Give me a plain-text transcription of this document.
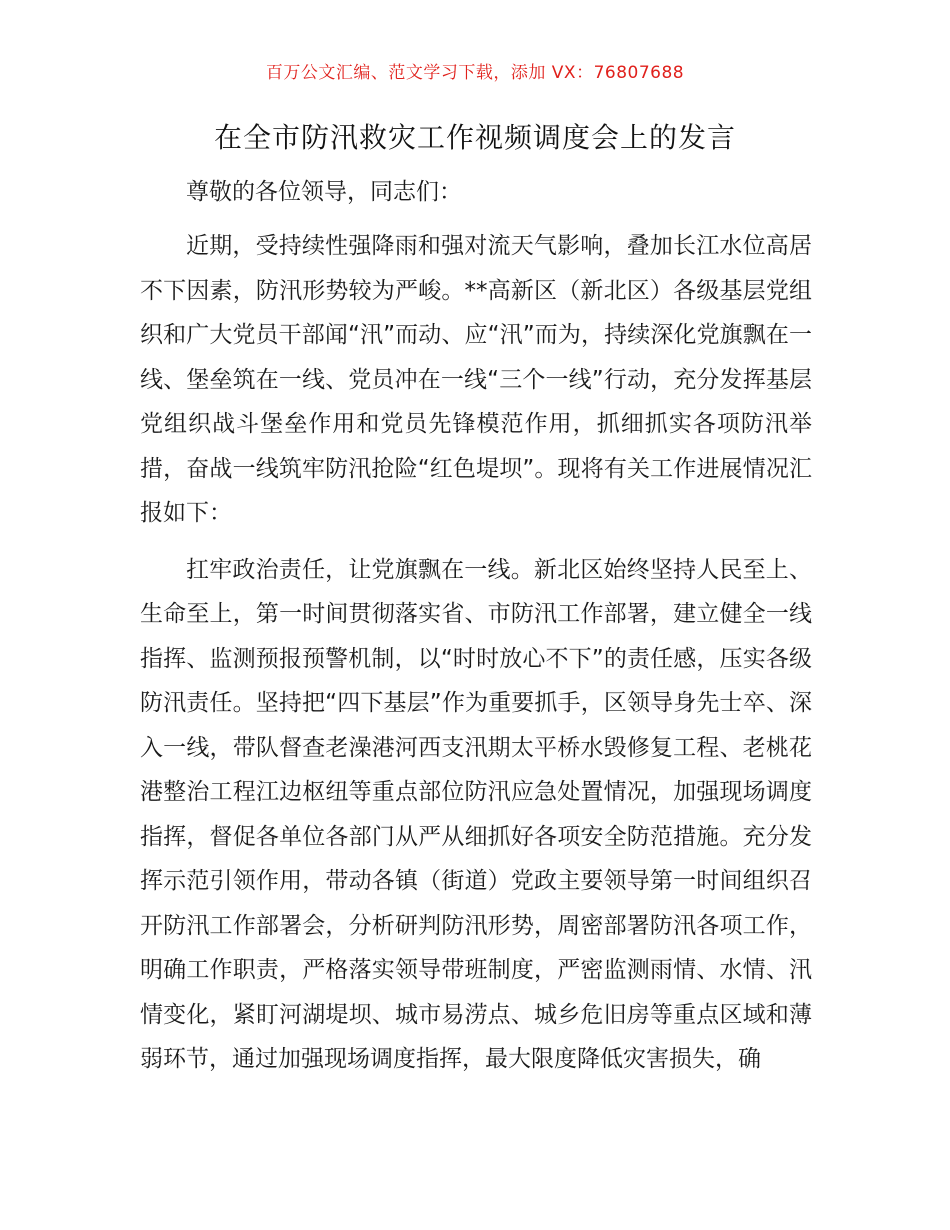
百万公文汇编、范文学习下载，添加 VX：76807688
在全市防汛救灾工作视频调度会上的发言

尊敬的各位领导，同志们：

近期，受持续性强降雨和强对流天气影响，叠加长江水位高居不下因素，防汛形势较为严峻。**高新区（新北区）各级基层党组织和广大党员干部闻“汛”而动、应“汛”而为，持续深化党旗飘在一线、堡垒筑在一线、党员冲在一线“三个一线”行动，充分发挥基层党组织战斗堡垒作用和党员先锋模范作用，抓细抓实各项防汛举措，奋战一线筑牢防汛抢险“红色堤坝”。现将有关工作进展情况汇报如下：

扛牢政治责任，让党旗飘在一线。新北区始终坚持人民至上、生命至上，第一时间贯彻落实省、市防汛工作部署，建立健全一线指挥、监测预报预警机制，以“时时放心不下”的责任感，压实各级防汛责任。坚持把“四下基层”作为重要抓手，区领导身先士卒、深入一线，带队督查老澡港河西支汛期太平桥水毁修复工程、老桃花港整治工程江边枢纽等重点部位防汛应急处置情况，加强现场调度指挥，督促各单位各部门从严从细抓好各项安全防范措施。充分发挥示范引领作用，带动各镇（街道）党政主要领导第一时间组织召开防汛工作部署会，分析研判防汛形势，周密部署防汛各项工作，明确工作职责，严格落实领导带班制度，严密监测雨情、水情、汛情变化，紧盯河湖堤坝、城市易涝点、城乡危旧房等重点区域和薄弱环节，通过加强现场调度指挥，最大限度降低灾害损失，确
